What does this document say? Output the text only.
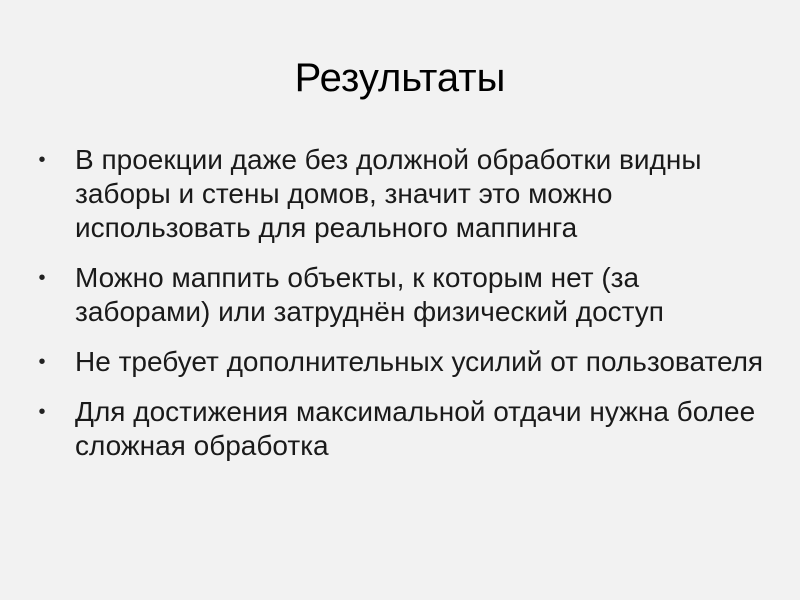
Результаты
• В проекции даже без должной обработки видны заборы и стены домов, значит это можно использовать для реального маппинга
• Можно маппить объекты, к которым нет (за заборами) или затруднён физический доступ
• Не требует дополнительных усилий от пользователя
• Для достижения максимальной отдачи нужна более сложная обработка
